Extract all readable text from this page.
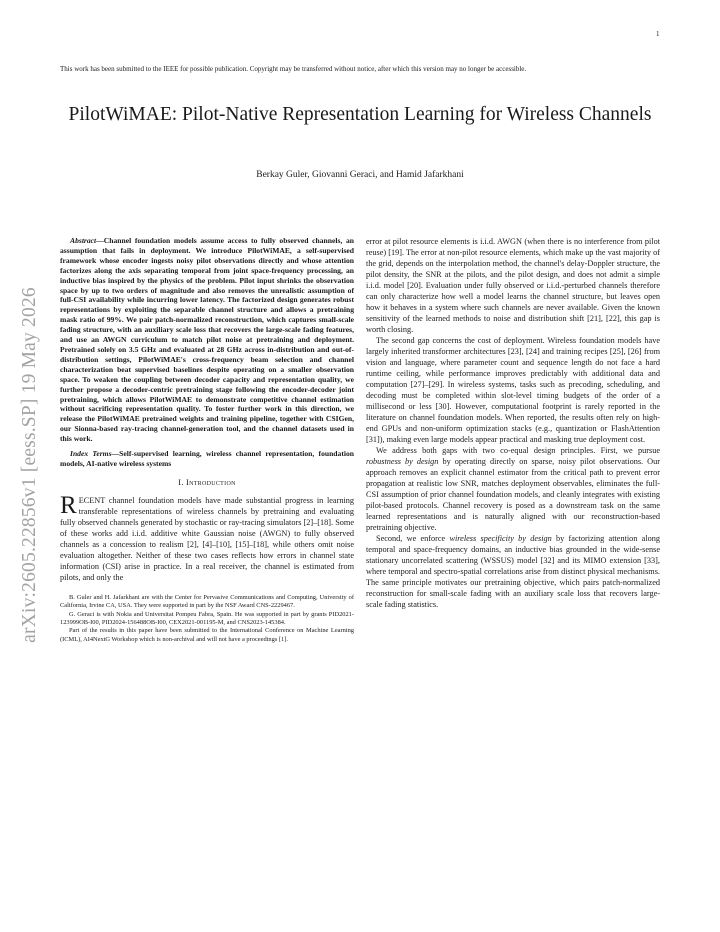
1
arXiv:2605.22856v1 [eess.SP] 19 May 2026
This work has been submitted to the IEEE for possible publication. Copyright may be transferred without notice, after which this version may no longer be accessible.
PilotWiMAE: Pilot-Native Representation Learning for Wireless Channels
Berkay Guler, Giovanni Geraci, and Hamid Jafarkhani

Abstract—Channel foundation models assume access to fully observed channels, an assumption that fails in deployment. We introduce PilotWiMAE, a self-supervised framework whose encoder ingests noisy pilot observations directly and whose attention factorizes along the axis separating temporal from joint space-frequency processing, an inductive bias inspired by the physics of the problem. Pilot input shrinks the observation space by up to two orders of magnitude and also removes the unrealistic assumption of full-CSI availability while incurring lower latency. The factorized design generates robust representations by exploiting the separable channel structure and allows a pretraining mask ratio of 99%. We pair patch-normalized reconstruction, which captures small-scale fading structure, with an auxiliary scale loss that recovers the large-scale fading features, and use an AWGN curriculum to match pilot noise at pretraining and deployment. Pretrained solely on 3.5 GHz and evaluated at 28 GHz across in-distribution and out-of-distribution settings, PilotWiMAE's cross-frequency beam selection and channel characterization beat supervised baselines despite operating on a smaller observation space. To weaken the coupling between decoder capacity and representation quality, we further propose a decoder-centric pretraining stage following the encoder-decoder joint pretraining, which allows PilotWiMAE to demonstrate competitive channel estimation without sacrificing representation quality. To foster further work in this direction, we release the PilotWiMAE pretrained weights and training pipeline, together with CSIGen, our Sionna-based ray-tracing channel-generation tool, and the channel datasets used in this work.

Index Terms—Self-supervised learning, wireless channel representation, foundation models, AI-native wireless systems

I. Introduction

RECENT channel foundation models have made substantial progress in learning transferable representations of wireless channels by pretraining and evaluating fully observed channels generated by stochastic or ray-tracing simulators [2]–[18]. Some of these works add i.i.d. additive white Gaussian noise (AWGN) to fully observed channels as a concession to realism [2], [4]–[10], [15]–[18], while others omit noise evaluation altogether. Neither of these two cases reflects how errors in channel state information (CSI) arise in practice. In a real receiver, the channel is estimated from pilots, and only the

B. Guler and H. Jafarkhani are with the Center for Pervasive Communications and Computing, University of California, Irvine CA, USA. They were supported in part by the NSF Award CNS-2229467.

G. Geraci is with Nokia and Universitat Pompeu Fabra, Spain. He was supported in part by grants PID2021-123999OB-I00, PID2024-156488OB-I00, CEX2021-001195-M, and CNS2023-145384.

Part of the results in this paper have been submitted to the International Conference on Machine Learning (ICML), AI4NextG Workshop which is non-archival and will not have a proceedings [1].

error at pilot resource elements is i.i.d. AWGN (when there is no interference from pilot reuse) [19]. The error at non-pilot resource elements, which make up the vast majority of the grid, depends on the interpolation method, the channel's delay-Doppler structure, the pilot density, the SNR at the pilots, and the pilot design, and does not admit a simple i.i.d. model [20]. Evaluation under fully observed or i.i.d.-perturbed channels therefore can only characterize how well a model learns the channel structure, but leaves open how it behaves in a system where such channels are never available. Given the known sensitivity of the learned methods to noise and distribution shift [21], [22], this gap is worth closing.

The second gap concerns the cost of deployment. Wireless foundation models have largely inherited transformer architectures [23], [24] and training recipes [25], [26] from vision and language, where parameter count and sequence length do not face a hard runtime ceiling, while performance improves predictably with additional data and computation [27]–[29]. In wireless systems, tasks such as precoding, scheduling, and decoding must be completed within slot-level timing budgets of the order of a millisecond or less [30]. However, computational footprint is rarely reported in the literature on channel foundation models. When reported, the results often rely on high-end GPUs and non-uniform optimization stacks (e.g., quantization or FlashAttention [31]), making even large models appear practical and masking true deployment cost.

We address both gaps with two co-equal design principles. First, we pursue robustness by design by operating directly on sparse, noisy pilot observations. Our approach removes an explicit channel estimator from the critical path to prevent error propagation at realistic low SNR, matches deployment observables, eliminates the full-CSI assumption of prior channel foundation models, and cleanly integrates with existing pilot-based protocols. Channel recovery is posed as a downstream task on the same learned representations and is naturally aligned with our reconstruction-based pretraining objective.

Second, we enforce wireless specificity by design by factorizing attention along temporal and space-frequency domains, an inductive bias grounded in the wide-sense stationary uncorrelated scattering (WSSUS) model [32] and its MIMO extension [33], where temporal and spectro-spatial correlations arise from distinct physical mechanisms. The same principle motivates our pretraining objective, which pairs patch-normalized reconstruction for small-scale fading with an auxiliary scale loss that recovers large-scale fading statistics.
